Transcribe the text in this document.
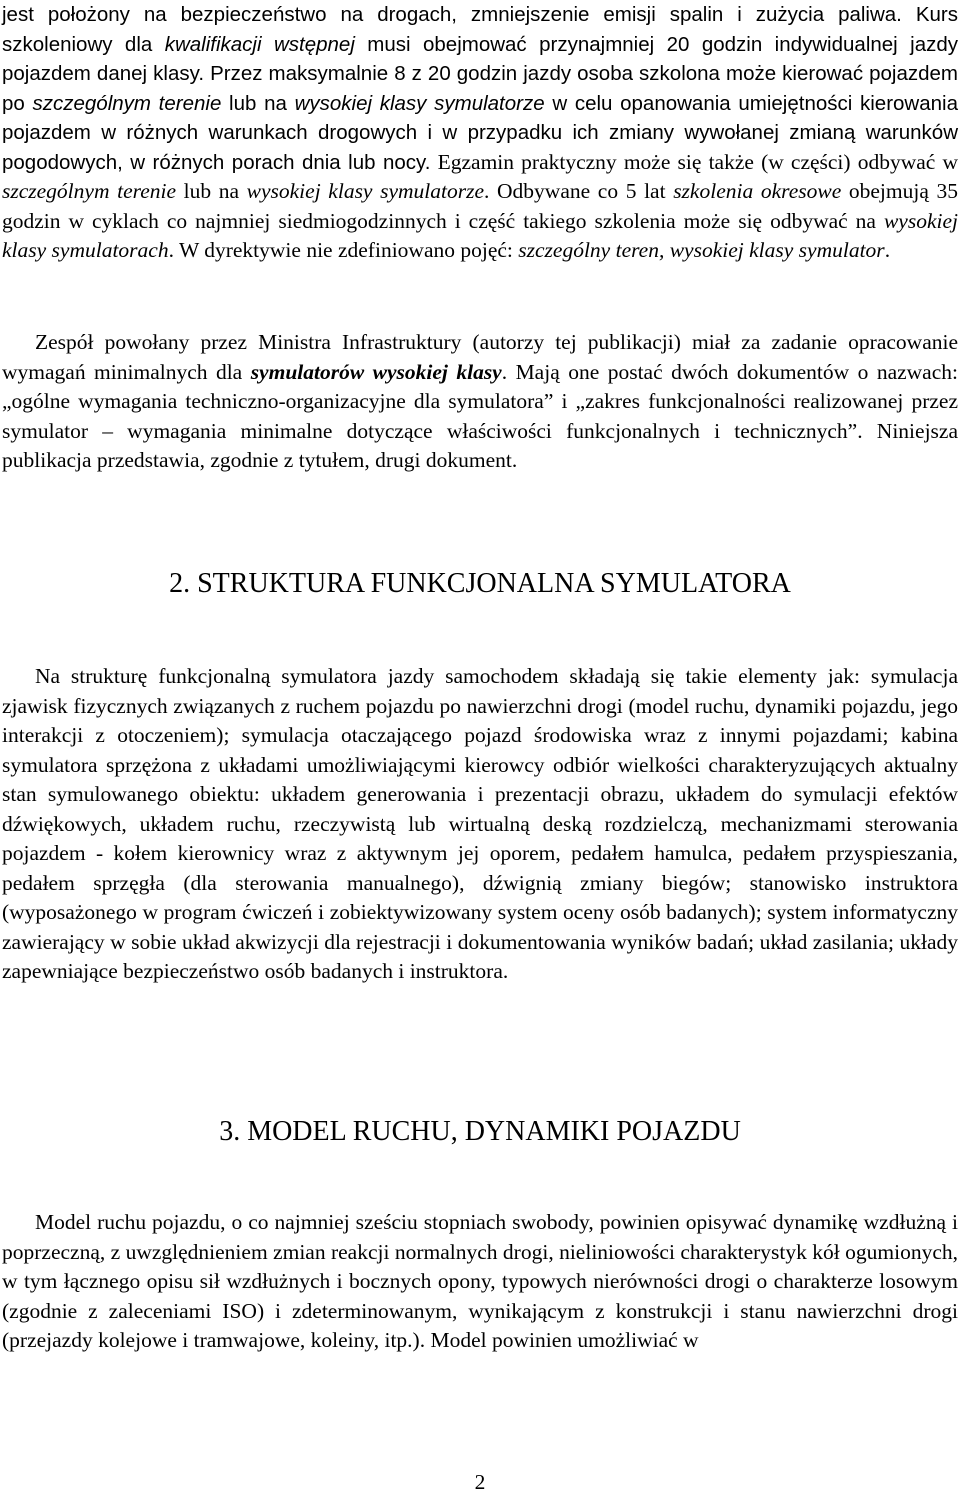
jest położony na bezpieczeństwo na drogach, zmniejszenie emisji spalin i zużycia paliwa. Kurs szkoleniowy dla kwalifikacji wstępnej musi obejmować przynajmniej 20 godzin indywidualnej jazdy pojazdem danej klasy. Przez maksymalnie 8 z 20 godzin jazdy osoba szkolona może kierować pojazdem po szczególnym terenie lub na wysokiej klasy symulatorze w celu opanowania umiejętności kierowania pojazdem w różnych warunkach drogowych i w przypadku ich zmiany wywołanej zmianą warunków pogodowych, w różnych porach dnia lub nocy. Egzamin praktyczny może się także (w części) odbywać w szczególnym terenie lub na wysokiej klasy symulatorze. Odbywane co 5 lat szkolenia okresowe obejmują 35 godzin w cyklach co najmniej siedmiogodzinnych i część takiego szkolenia może się odbywać na wysokiej klasy symulatorach. W dyrektywie nie zdefiniowano pojęć: szczególny teren, wysokiej klasy symulator.

Zespół powołany przez Ministra Infrastruktury (autorzy tej publikacji) miał za zadanie opracowanie wymagań minimalnych dla symulatorów wysokiej klasy. Mają one postać dwóch dokumentów o nazwach: „ogólne wymagania techniczno-organizacyjne dla symulatora” i „zakres funkcjonalności realizowanej przez symulator – wymagania minimalne dotyczące właściwości funkcjonalnych i technicznych”. Niniejsza publikacja przedstawia, zgodnie z tytułem, drugi dokument.

2. STRUKTURA FUNKCJONALNA SYMULATORA

Na strukturę funkcjonalną symulatora jazdy samochodem składają się takie elementy jak: symulacja zjawisk fizycznych związanych z ruchem pojazdu po nawierzchni drogi (model ruchu, dynamiki pojazdu, jego interakcji z otoczeniem); symulacja otaczającego pojazd środowiska wraz z innymi pojazdami; kabina symulatora sprzężona z układami umożliwiającymi kierowcy odbiór wielkości charakteryzujących aktualny stan symulowanego obiektu: układem generowania i prezentacji obrazu, układem do symulacji efektów dźwiękowych, układem ruchu, rzeczywistą lub wirtualną deską rozdzielczą, mechanizmami sterowania pojazdem - kołem kierownicy wraz z aktywnym jej oporem, pedałem hamulca, pedałem przyspieszania, pedałem sprzęgła (dla sterowania manualnego), dźwignią zmiany biegów; stanowisko instruktora (wyposażonego w program ćwiczeń i zobiektywizowany system oceny osób badanych); system informatyczny zawierający w sobie układ akwizycji dla rejestracji i dokumentowania wyników badań; układ zasilania; układy zapewniające bezpieczeństwo osób badanych i instruktora.

3. MODEL RUCHU, DYNAMIKI POJAZDU

Model ruchu pojazdu, o co najmniej sześciu stopniach swobody, powinien opisywać dynamikę wzdłużną i poprzeczną, z uwzględnieniem zmian reakcji normalnych drogi, nieliniowości charakterystyk kół ogumionych, w tym łącznego opisu sił wzdłużnych i bocznych opony, typowych nierówności drogi o charakterze losowym (zgodnie z zaleceniami ISO) i zdeterminowanym, wynikającym z konstrukcji i stanu nawierzchni drogi (przejazdy kolejowe i tramwajowe, koleiny, itp.). Model powinien umożliwiać w

2
